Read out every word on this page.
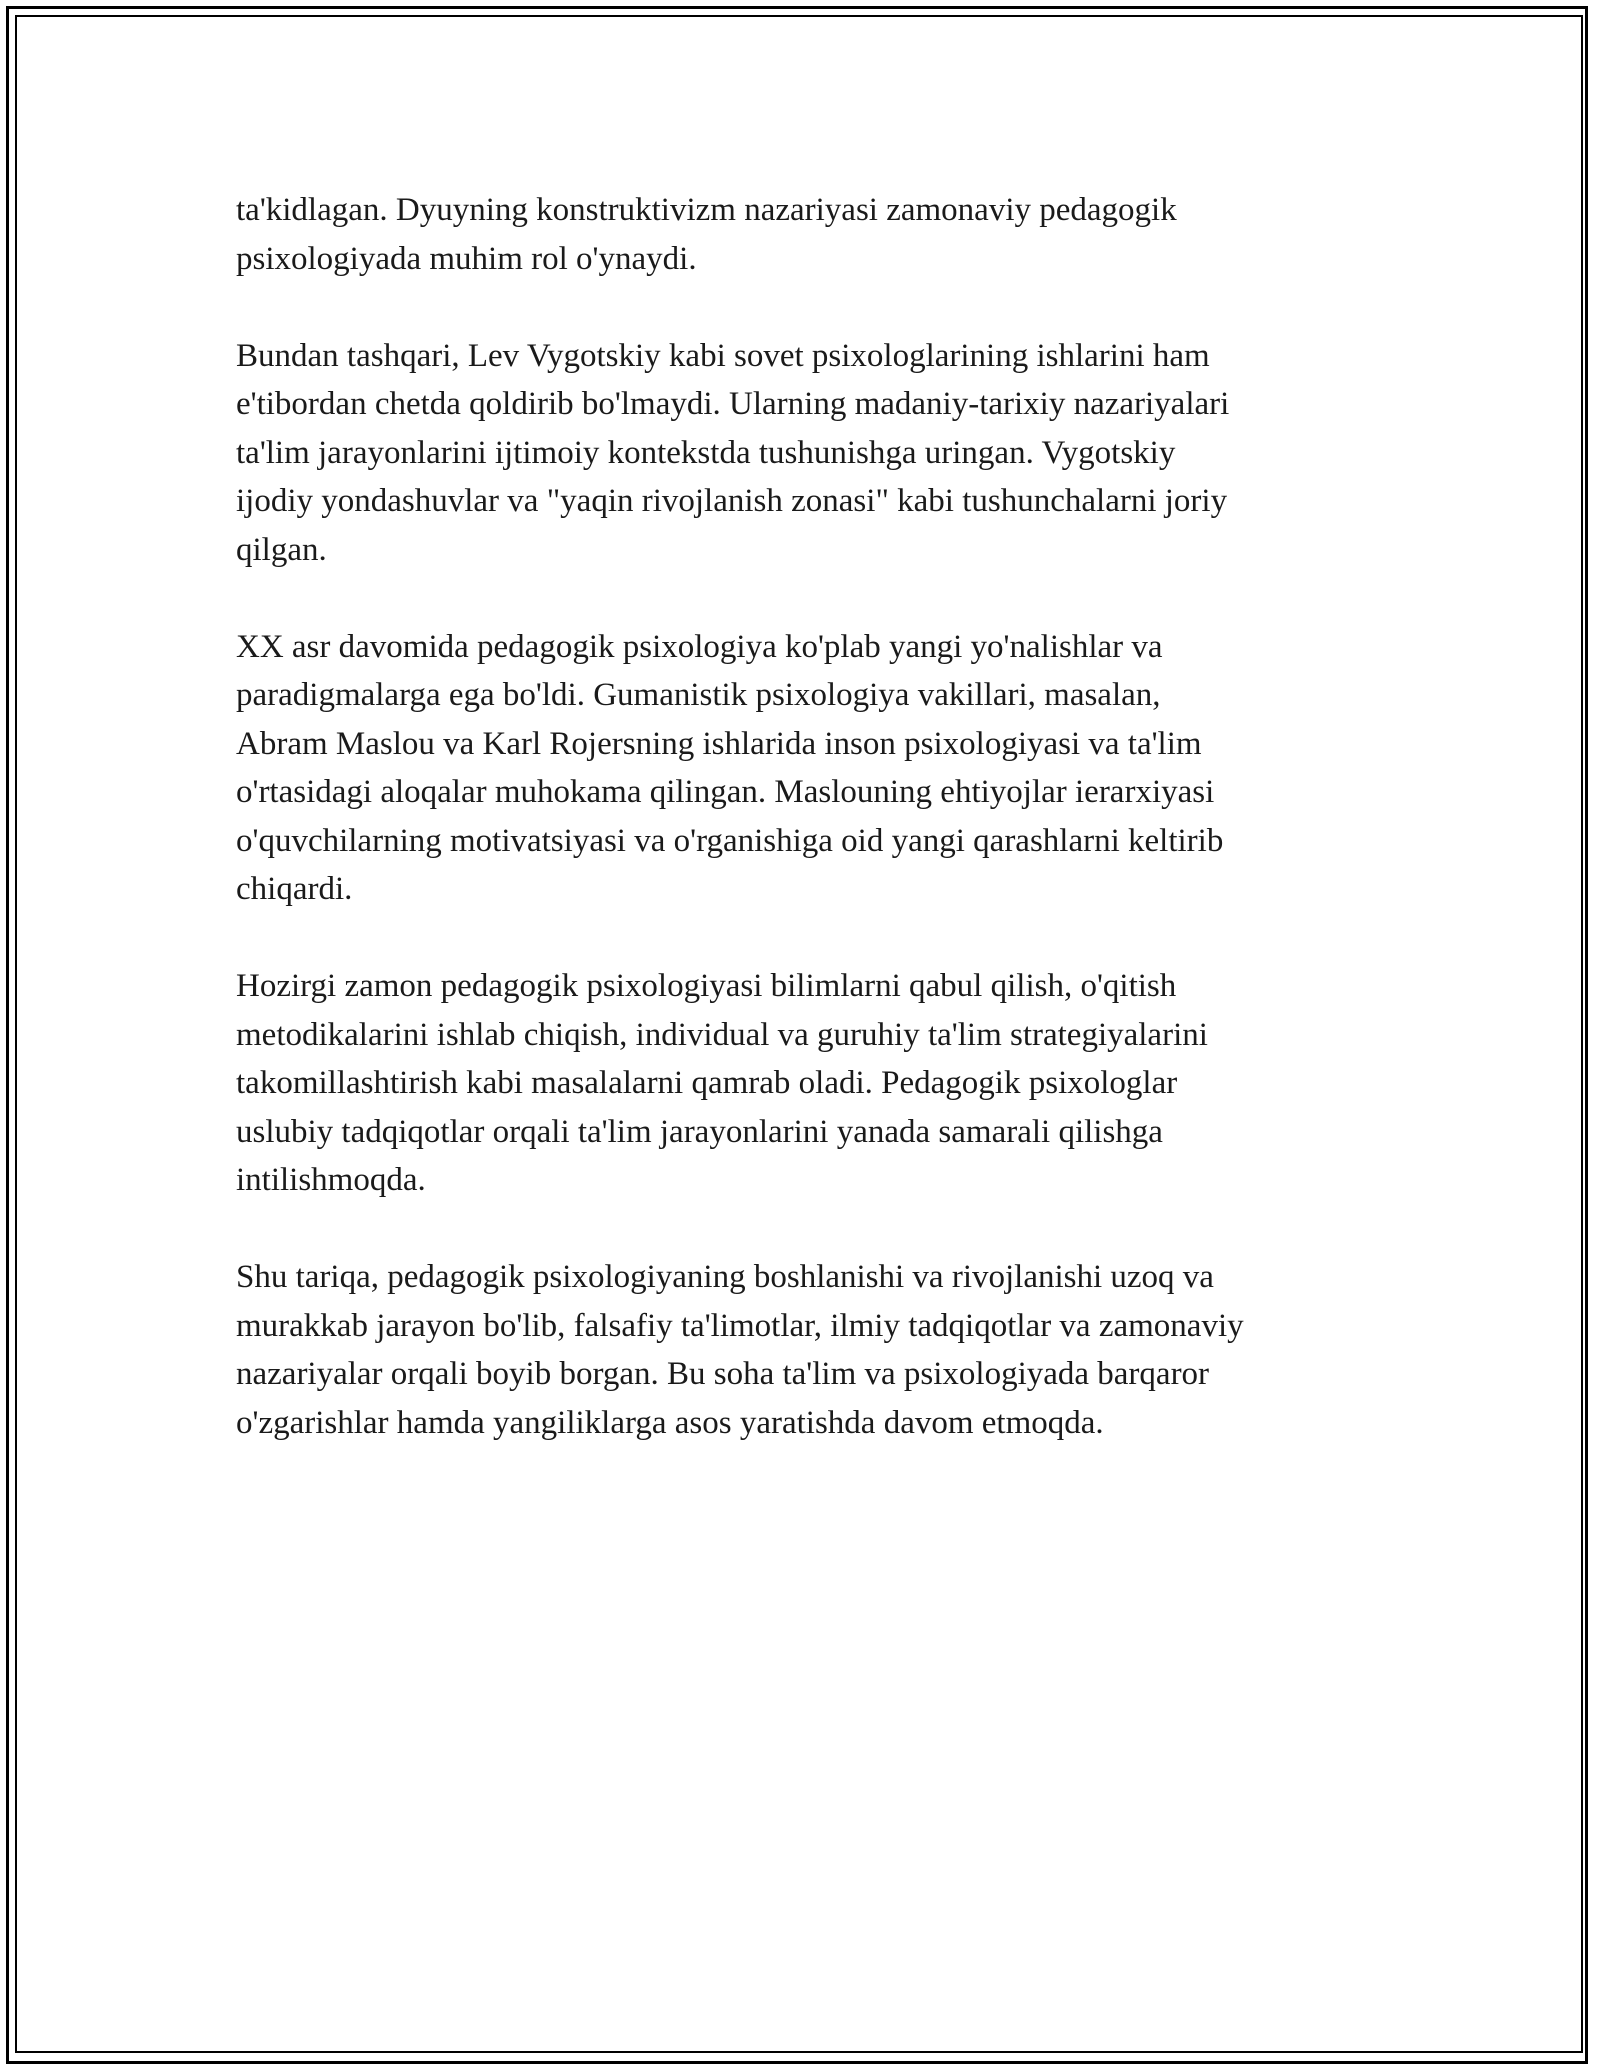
ta'kidlagan. Dyuyning konstruktivizm nazariyasi zamonaviy pedagogik
psixologiyada muhim rol o'ynaydi.

Bundan tashqari, Lev Vygotskiy kabi sovet psixologlarining ishlarini ham
e'tibordan chetda qoldirib bo'lmaydi. Ularning madaniy-tarixiy nazariyalari
ta'lim jarayonlarini ijtimoiy kontekstda tushunishga uringan. Vygotskiy
ijodiy yondashuvlar va "yaqin rivojlanish zonasi" kabi tushunchalarni joriy
qilgan.

XX asr davomida pedagogik psixologiya ko'plab yangi yo'nalishlar va
paradigmalarga ega bo'ldi. Gumanistik psixologiya vakillari, masalan,
Abram Maslou va Karl Rojersning ishlarida inson psixologiyasi va ta'lim
o'rtasidagi aloqalar muhokama qilingan. Maslouning ehtiyojlar ierarxiyasi
o'quvchilarning motivatsiyasi va o'rganishiga oid yangi qarashlarni keltirib
chiqardi.

Hozirgi zamon pedagogik psixologiyasi bilimlarni qabul qilish, o'qitish
metodikalarini ishlab chiqish, individual va guruhiy ta'lim strategiyalarini
takomillashtirish kabi masalalarni qamrab oladi. Pedagogik psixologlar
uslubiy tadqiqotlar orqali ta'lim jarayonlarini yanada samarali qilishga
intilishmoqda.

Shu tariqa, pedagogik psixologiyaning boshlanishi va rivojlanishi uzoq va
murakkab jarayon bo'lib, falsafiy ta'limotlar, ilmiy tadqiqotlar va zamonaviy
nazariyalar orqali boyib borgan. Bu soha ta'lim va psixologiyada barqaror
o'zgarishlar hamda yangiliklarga asos yaratishda davom etmoqda.
